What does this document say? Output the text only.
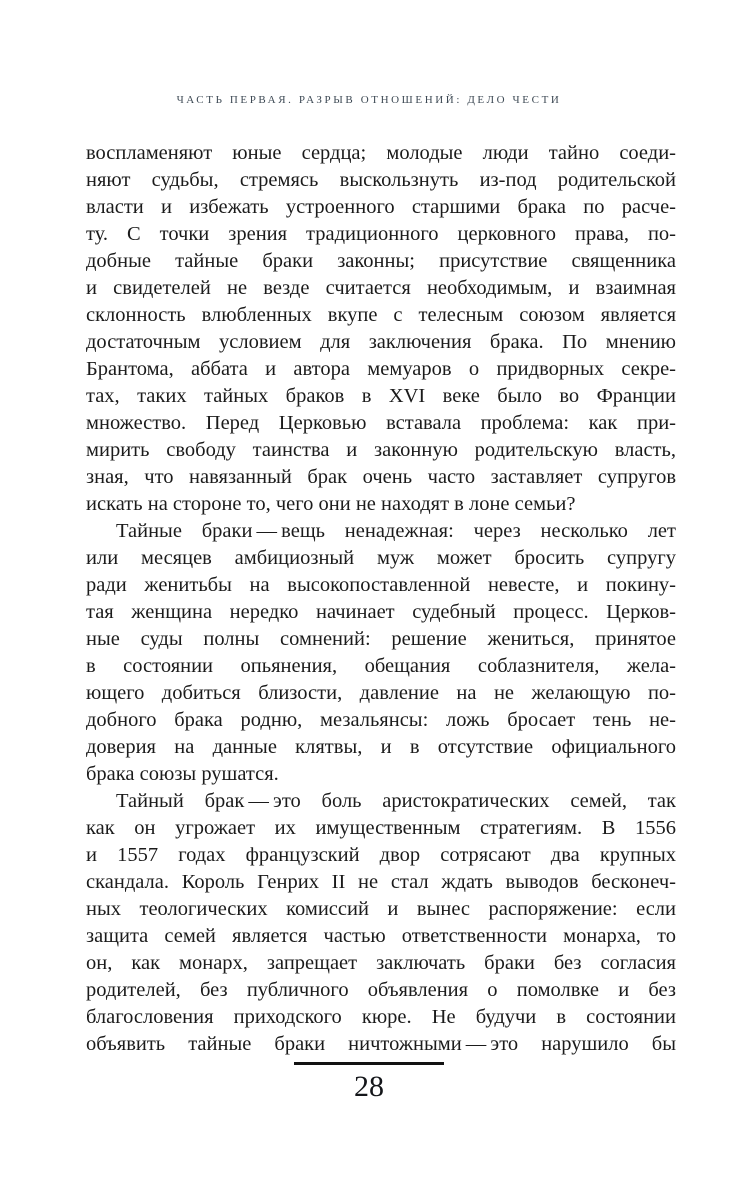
ЧАСТЬ ПЕРВАЯ. РАЗРЫВ ОТНОШЕНИЙ: ДЕЛО ЧЕСТИ
воспламеняют юные сердца; молодые люди тайно соеди-
няют судьбы, стремясь выскользнуть из-под родительской
власти и избежать устроенного старшими брака по расче-
ту. С точки зрения традиционного церковного права, по-
добные тайные браки законны; присутствие священника
и свидетелей не везде считается необходимым, и взаимная
склонность влюбленных вкупе с телесным союзом является
достаточным условием для заключения брака. По мнению
Брантома, аббата и автора мемуаров о придворных секре-
тах, таких тайных браков в XVI веке было во Франции
множество. Перед Церковью вставала проблема: как при-
мирить свободу таинства и законную родительскую власть,
зная, что навязанный брак очень часто заставляет супругов
искать на стороне то, чего они не находят в лоне семьи?
Тайные браки — вещь ненадежная: через несколько лет
или месяцев амбициозный муж может бросить супругу
ради женитьбы на высокопоставленной невесте, и покину-
тая женщина нередко начинает судебный процесс. Церков-
ные суды полны сомнений: решение жениться, принятое
в состоянии опьянения, обещания соблазнителя, жела-
ющего добиться близости, давление на не желающую по-
добного брака родню, мезальянсы: ложь бросает тень не-
доверия на данные клятвы, и в отсутствие официального
брака союзы рушатся.
Тайный брак — это боль аристократических семей, так
как он угрожает их имущественным стратегиям. В 1556
и 1557 годах французский двор сотрясают два крупных
скандала. Король Генрих II не стал ждать выводов бесконеч-
ных теологических комиссий и вынес распоряжение: если
защита семей является частью ответственности монарха, то
он, как монарх, запрещает заключать браки без согласия
родителей, без публичного объявления о помолвке и без
благословения приходского кюре. Не будучи в состоянии
объявить тайные браки ничтожными — это нарушило бы
28
